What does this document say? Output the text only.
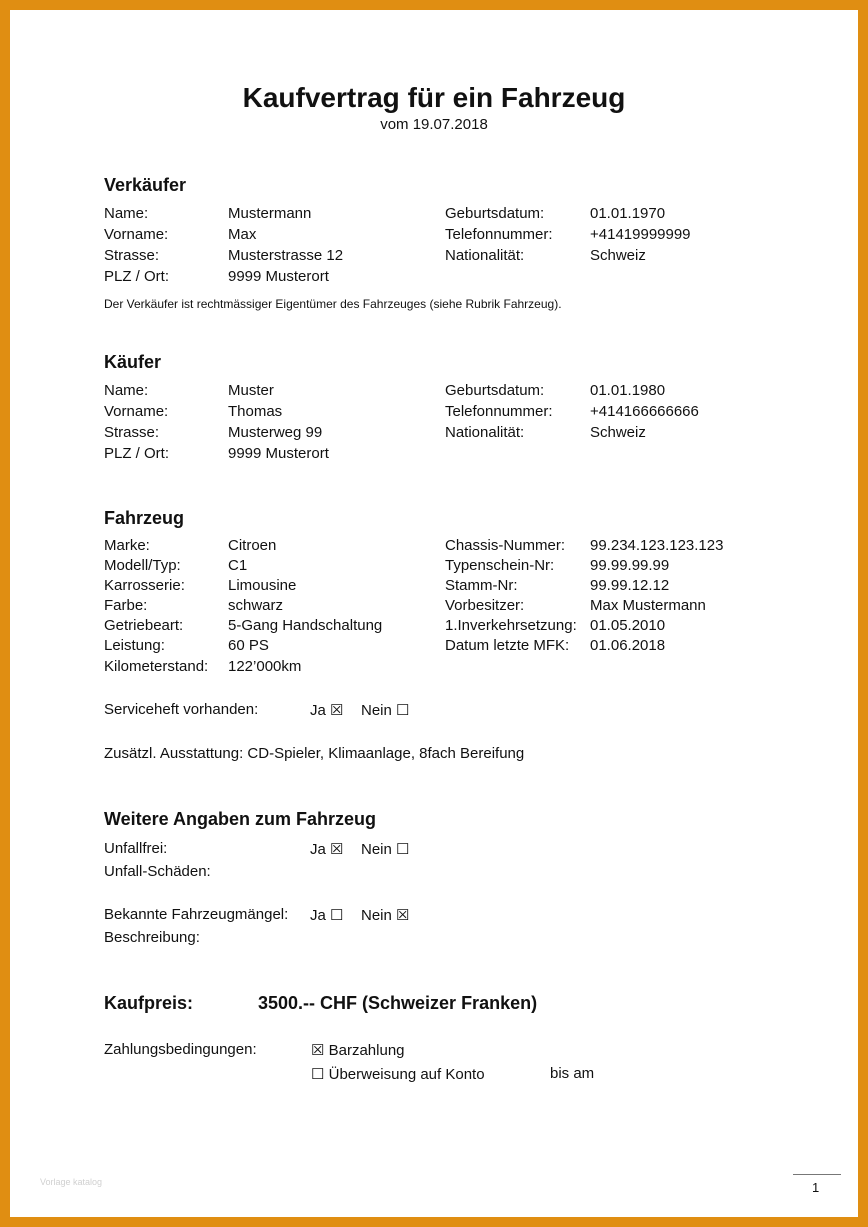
Kaufvertrag für ein Fahrzeug
vom 19.07.2018
Verkäufer
Name:	Mustermann	Geburtsdatum:	01.01.1970
Vorname:	Max	Telefonnummer: +41419999999
Strasse:	Musterstrasse 12	Nationalität:	Schweiz
PLZ / Ort:	9999 Musterort
Der Verkäufer ist rechtmässiger Eigentümer des Fahrzeuges (siehe Rubrik Fahrzeug).
Käufer
Name:	Muster	Geburtsdatum:	01.01.1980
Vorname:	Thomas	Telefonnummer: +414166666666
Strasse:	Musterweg 99	Nationalität:	Schweiz
PLZ / Ort:	9999 Musterort
Fahrzeug
Marke:	Citroen	Chassis-Nummer: 99.234.123.123.123
Modell/Typ:	C1	Typenschein-Nr: 99.99.99.99
Karrosserie:	Limousine	Stamm-Nr:	99.99.12.12
Farbe:	schwarz	Vorbesitzer:	Max Mustermann
Getriebeart:	5-Gang Handschaltung	1.Inverkehrsetzung: 01.05.2010
Leistung:	60 PS	Datum letzte MFK: 01.06.2018
Kilometerstand: 122’000km
Serviceheft vorhanden:	Ja ☒ Nein ☐
Zusätzl. Ausstattung: CD-Spieler, Klimaanlage, 8fach Bereifung
Weitere Angaben zum Fahrzeug
Unfallfrei:	Ja ☒ Nein ☐
Unfall-Schäden:
Bekannte Fahrzeugmängel: Ja ☐ Nein ☒
Beschreibung:
Kaufpreis:	3500.-- CHF (Schweizer Franken)
Zahlungsbedingungen:	☒ Barzahlung
☐ Überweisung auf Konto	bis am
Vorlage katalog	1
